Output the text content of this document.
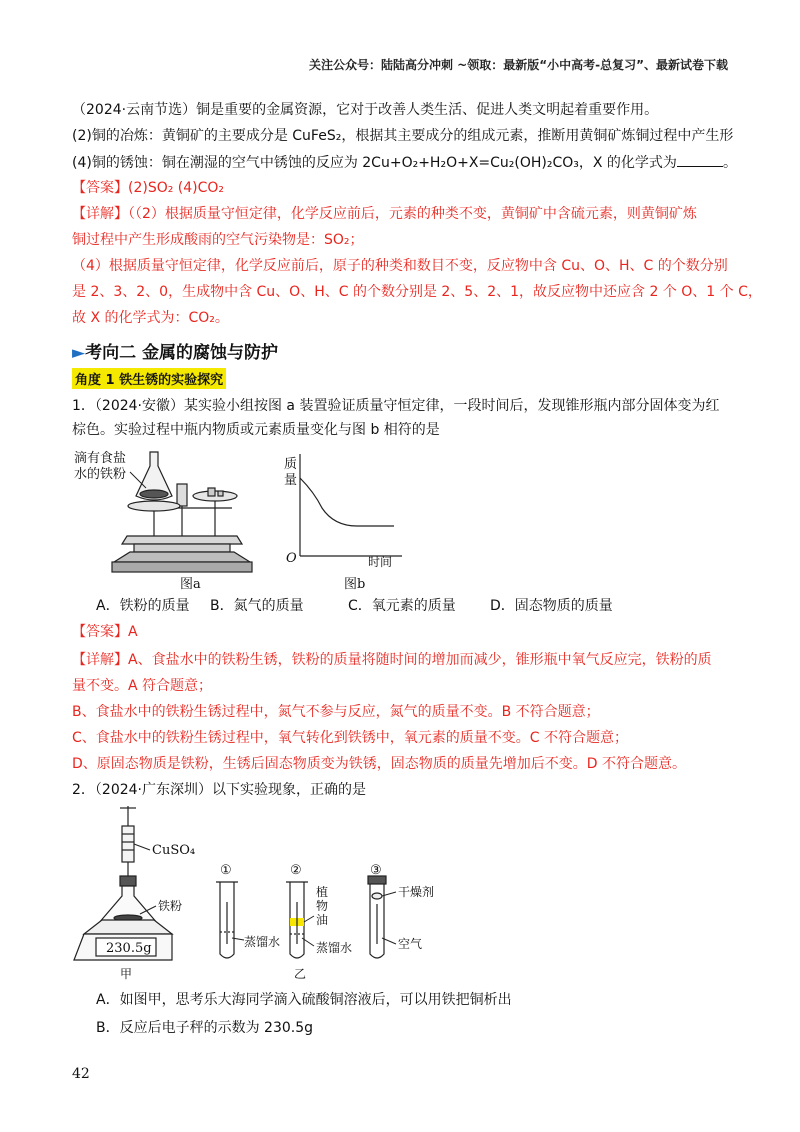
关注公众号：陆陆高分冲刺 ~领取：最新版“小中高考-总复习”、最新试卷下载
（2024·云南节选）铜是重要的金属资源，它对于改善人类生活、促进人类文明起着重要作用。
(2)铜的冶炼：黄铜矿的主要成分是 CuFeS₂，根据其主要成分的组成元素，推断用黄铜矿炼铜过程中产生形
(4)铜的锈蚀：铜在潮湿的空气中锈蚀的反应为 2Cu+O₂+H₂O+X=Cu₂(OH)₂CO₃，X 的化学式为	。
【答案】(2)SO₂ (4)CO₂
【详解】（（2）根据质量守恒定律，化学反应前后，元素的种类不变，黄铜矿中含硫元素，则黄铜矿炼
铜过程中产生形成酸雨的空气污染物是：SO₂；
（4）根据质量守恒定律，化学反应前后，原子的种类和数目不变，反应物中含 Cu、O、H、C 的个数分别
是 2、3、2、0，生成物中含 Cu、O、H、C 的个数分别是 2、5、2、1，故反应物中还应含 2 个 O、1 个 C，
故 X 的化学式为：CO₂。
►考向二 金属的腐蚀与防护
角度 1 铁生锈的实验探究
1．（2024·安徽）某实验小组按图 a 装置验证质量守恒定律，一段时间后，发现锥形瓶内部分固体变为红
棕色。实验过程中瓶内物质或元素质量变化与图 b 相符的是
滴有食盐
水的铁粉
图a
质
量
O	时间
图b
A．铁粉的质量 B．氮气的质量	C．氧元素的质量 D．固态物质的质量
【答案】A
【详解】A、食盐水中的铁粉生锈，铁粉的质量将随时间的增加而减少，锥形瓶中氧气反应完，铁粉的质
量不变。A 符合题意；
B、食盐水中的铁粉生锈过程中，氮气不参与反应，氮气的质量不变。B 不符合题意；
C、食盐水中的铁粉生锈过程中，氧气转化到铁锈中，氧元素的质量不变。C 不符合题意；
D、原固态物质是铁粉，生锈后固态物质变为铁锈，固态物质的质量先增加后不变。D 不符合题意。
2．（2024·广东深圳）以下实验现象，正确的是
CuSO₄
铁粉
230.5g
甲
①	②	③
蒸馏水
植
物
油
蒸馏水
乙
干燥剂
空气
A．如图甲，思考乐大海同学滴入硫酸铜溶液后，可以用铁把铜析出
B．反应后电子秤的示数为 230.5g
42
